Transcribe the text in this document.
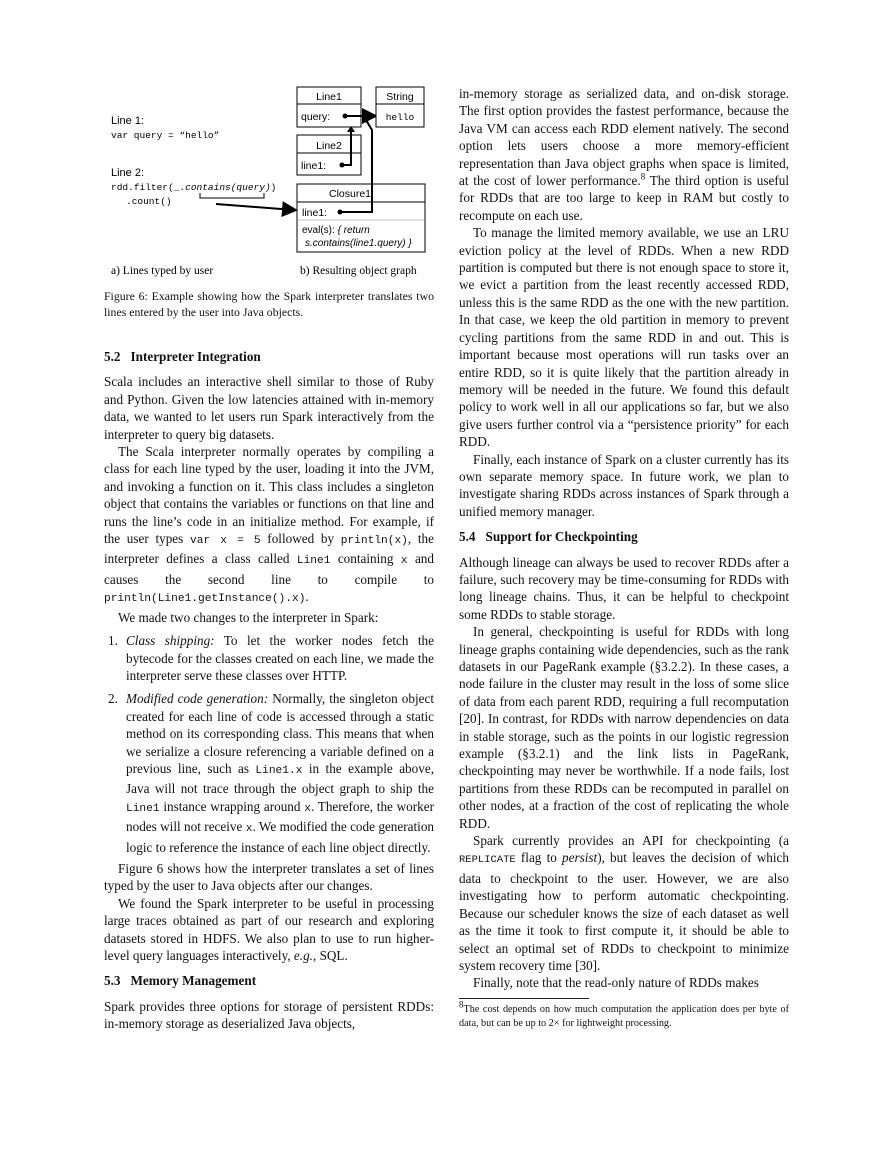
Line 1:
var query = “hello”
Line 2:
rdd.filter(_.contains(query))
.count()
Line1
query:
String
hello
Line2
line1:
Closure1
line1:
eval(s): { return
s.contains(line1.query) }
a) Lines typed by user	b) Resulting object graph

Figure 6: Example showing how the Spark interpreter translates two lines entered by the user into Java objects.

5.2 Interpreter Integration

Scala includes an interactive shell similar to those of Ruby and Python. Given the low latencies attained with in-memory data, we wanted to let users run Spark interactively from the interpreter to query big datasets.

The Scala interpreter normally operates by compiling a class for each line typed by the user, loading it into the JVM, and invoking a function on it. This class includes a singleton object that contains the variables or functions on that line and runs the line’s code in an initialize method. For example, if the user types var x = 5 followed by println(x), the interpreter defines a class called Line1 containing x and causes the second line to compile to println(Line1.getInstance().x).

We made two changes to the interpreter in Spark:

1. Class shipping: To let the worker nodes fetch the bytecode for the classes created on each line, we made the interpreter serve these classes over HTTP.
2. Modified code generation: Normally, the singleton object created for each line of code is accessed through a static method on its corresponding class. This means that when we serialize a closure referencing a variable defined on a previous line, such as Line1.x in the example above, Java will not trace through the object graph to ship the Line1 instance wrapping around x. Therefore, the worker nodes will not receive x. We modified the code generation logic to reference the instance of each line object directly.

Figure 6 shows how the interpreter translates a set of lines typed by the user to Java objects after our changes.

We found the Spark interpreter to be useful in processing large traces obtained as part of our research and exploring datasets stored in HDFS. We also plan to use to run higher-level query languages interactively, e.g., SQL.

5.3 Memory Management

Spark provides three options for storage of persistent RDDs: in-memory storage as deserialized Java objects,

in-memory storage as serialized data, and on-disk storage. The first option provides the fastest performance, because the Java VM can access each RDD element natively. The second option lets users choose a more memory-efficient representation than Java object graphs when space is limited, at the cost of lower performance.$^8$ The third option is useful for RDDs that are too large to keep in RAM but costly to recompute on each use.

To manage the limited memory available, we use an LRU eviction policy at the level of RDDs. When a new RDD partition is computed but there is not enough space to store it, we evict a partition from the least recently accessed RDD, unless this is the same RDD as the one with the new partition. In that case, we keep the old partition in memory to prevent cycling partitions from the same RDD in and out. This is important because most operations will run tasks over an entire RDD, so it is quite likely that the partition already in memory will be needed in the future. We found this default policy to work well in all our applications so far, but we also give users further control via a “persistence priority” for each RDD.

Finally, each instance of Spark on a cluster currently has its own separate memory space. In future work, we plan to investigate sharing RDDs across instances of Spark through a unified memory manager.

5.4 Support for Checkpointing

Although lineage can always be used to recover RDDs after a failure, such recovery may be time-consuming for RDDs with long lineage chains. Thus, it can be helpful to checkpoint some RDDs to stable storage.

In general, checkpointing is useful for RDDs with long lineage graphs containing wide dependencies, such as the rank datasets in our PageRank example (§3.2.2). In these cases, a node failure in the cluster may result in the loss of some slice of data from each parent RDD, requiring a full recomputation [20]. In contrast, for RDDs with narrow dependencies on data in stable storage, such as the points in our logistic regression example (§3.2.1) and the link lists in PageRank, checkpointing may never be worthwhile. If a node fails, lost partitions from these RDDs can be recomputed in parallel on other nodes, at a fraction of the cost of replicating the whole RDD.

Spark currently provides an API for checkpointing (a REPLICATE flag to persist), but leaves the decision of which data to checkpoint to the user. However, we are also investigating how to perform automatic checkpointing. Because our scheduler knows the size of each dataset as well as the time it took to first compute it, it should be able to select an optimal set of RDDs to checkpoint to minimize system recovery time [30].

Finally, note that the read-only nature of RDDs makes

$^8$The cost depends on how much computation the application does per byte of data, but can be up to 2× for lightweight processing.
